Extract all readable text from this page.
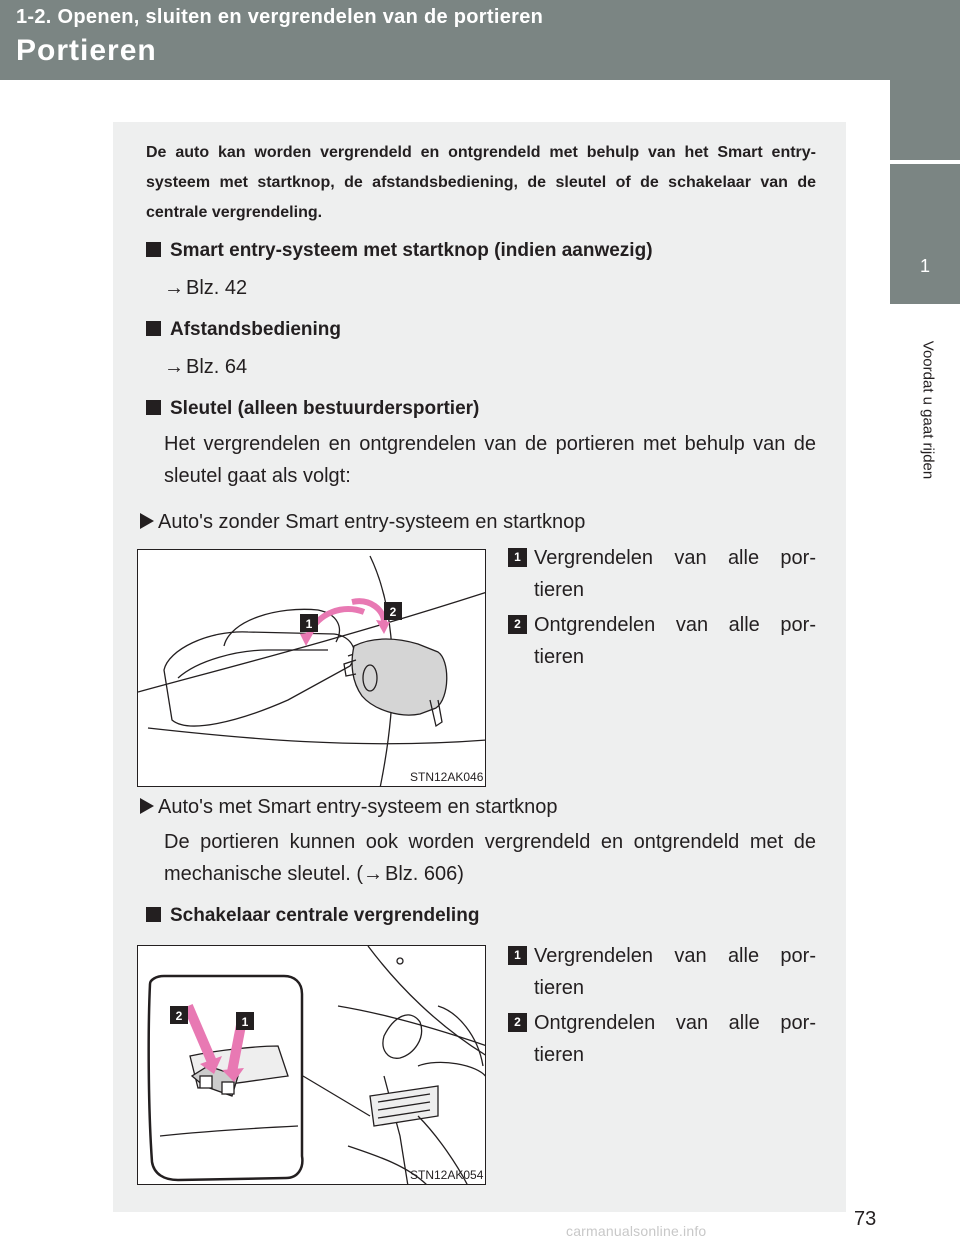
1-2. Openen, sluiten en vergrendelen van de portieren
Portieren
1
Voordat u gaat rijden
De auto kan worden vergrendeld en ontgrendeld met behulp van het Smart entry-systeem met startknop, de afstandsbediening, de sleutel of de schakelaar van de centrale vergrendeling.
Smart entry-systeem met startknop (indien aanwezig)
→ Blz. 42
Afstandsbediening
→ Blz. 64
Sleutel (alleen bestuurdersportier)
Het vergrendelen en ontgrendelen van de portieren met behulp van de sleutel gaat als volgt:
Auto's zonder Smart entry-systeem en startknop
1
2
STN12AK046
1 Vergrendelen van alle por-
tieren
2 Ontgrendelen van alle por-
tieren
Auto's met Smart entry-systeem en startknop
De portieren kunnen ook worden vergrendeld en ontgrendeld met de mechanische sleutel. (→ Blz. 606)
Schakelaar centrale vergrendeling
2	1
STN12AK054
1 Vergrendelen van alle por-
tieren
2 Ontgrendelen van alle por-
tieren
73
carmanualsonline.info
